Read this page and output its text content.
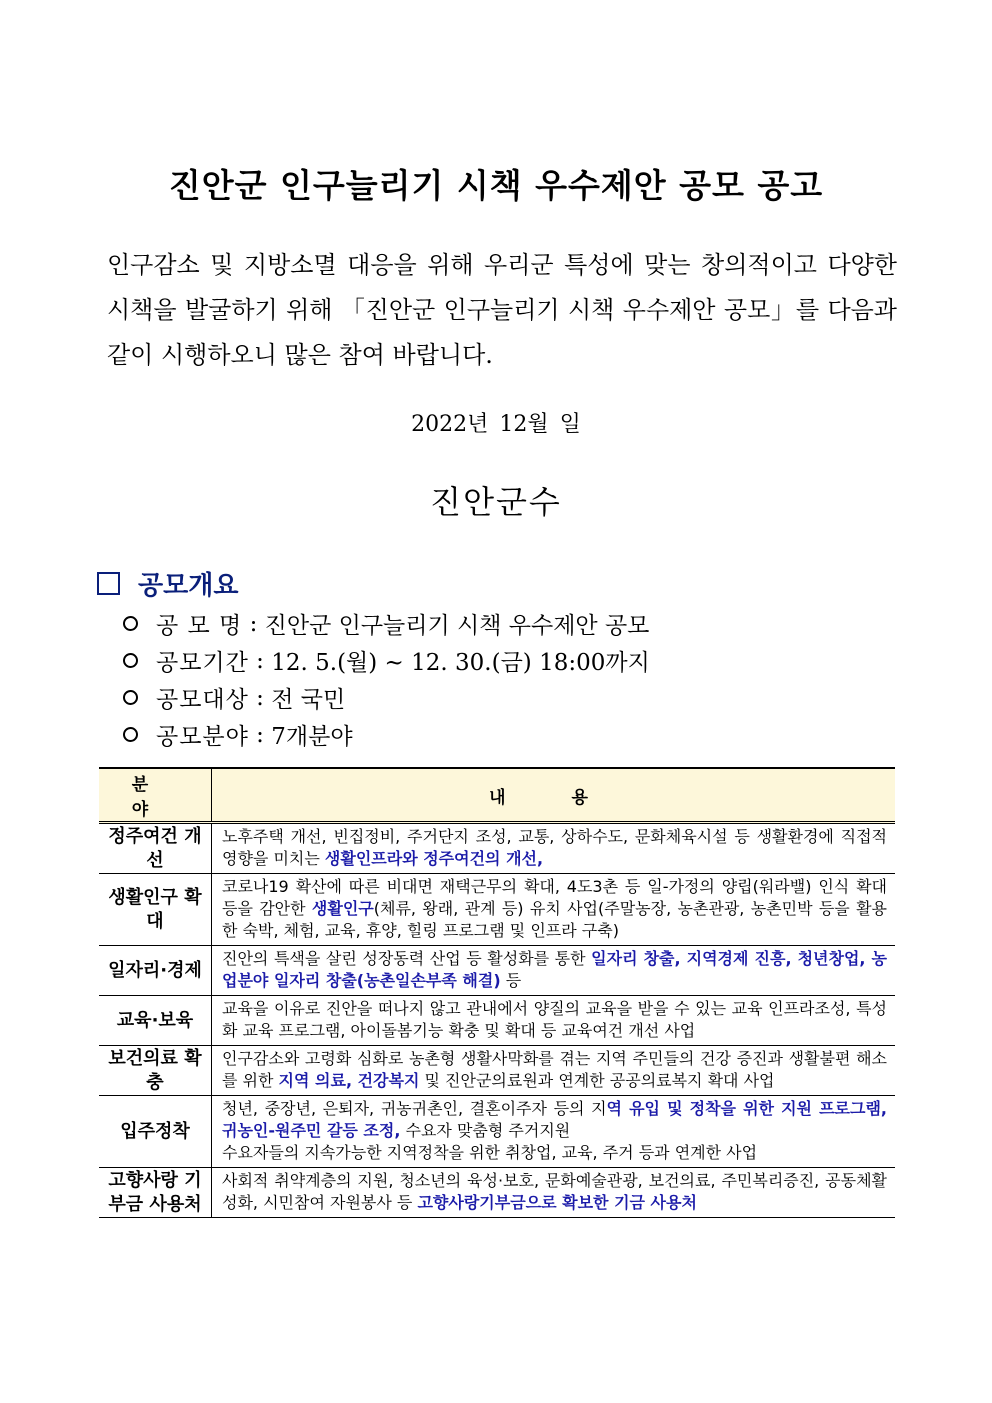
진안군 인구늘리기 시책 우수제안 공모 공고
인구감소 및 지방소멸 대응을 위해 우리군 특성에 맞는 창의적이고 다양한 시책을 발굴하기 위해 「진안군 인구늘리기 시책 우수제안 공모」를 다음과 같이 시행하오니 많은 참여 바랍니다.
2022년 12월 일
진안군수
공모개요
공 모 명 : 진안군 인구늘리기 시책 우수제안 공모
공모기간 : 12. 5.(월) ~ 12. 30.(금) 18:00까지
공모대상 : 전 국민
공모분야 : 7개분야
분 야	내 용
정주여건 개선	노후주택 개선, 빈집정비, 주거단지 조성, 교통, 상하수도, 문화체육시설 등 생활환경에 직접적 영향을 미치는 생활인프라와 정주여건의 개선,
생활인구 확대	코로나19 확산에 따른 비대면 재택근무의 확대, 4도3촌 등 일-가정의 양립(워라밸) 인식 확대 등을 감안한 생활인구(체류, 왕래, 관계 등) 유치 사업(주말농장, 농촌관광, 농촌민박 등을 활용한 숙박, 체험, 교육, 휴양, 힐링 프로그램 및 인프라 구축)
일자리·경제	진안의 특색을 살린 성장동력 산업 등 활성화를 통한 일자리 창출, 지역경제 진흥, 청년창업, 농업분야 일자리 창출(농촌일손부족 해결) 등
교육·보육	교육을 이유로 진안을 떠나지 않고 관내에서 양질의 교육을 받을 수 있는 교육 인프라조성, 특성화 교육 프로그램, 아이돌봄기능 확충 및 확대 등 교육여건 개선 사업
보건의료 확충	인구감소와 고령화 심화로 농촌형 생활사막화를 겪는 지역 주민들의 건강 증진과 생활불편 해소를 위한 지역 의료, 건강복지 및 진안군의료원과 연계한 공공의료복지 확대 사업
입주정착	청년, 중장년, 은퇴자, 귀농귀촌인, 결혼이주자 등의 지역 유입 및 정착을 위한 지원 프로그램, 귀농인-원주민 갈등 조정, 수요자 맞춤형 주거지원
수요자들의 지속가능한 지역정착을 위한 취창업, 교육, 주거 등과 연계한 사업
고향사랑 기부금 사용처	사회적 취약계층의 지원, 청소년의 육성·보호, 문화예술관광, 보건의료, 주민복리증진, 공동체활성화, 시민참여 자원봉사 등 고향사랑기부금으로 확보한 기금 사용처
